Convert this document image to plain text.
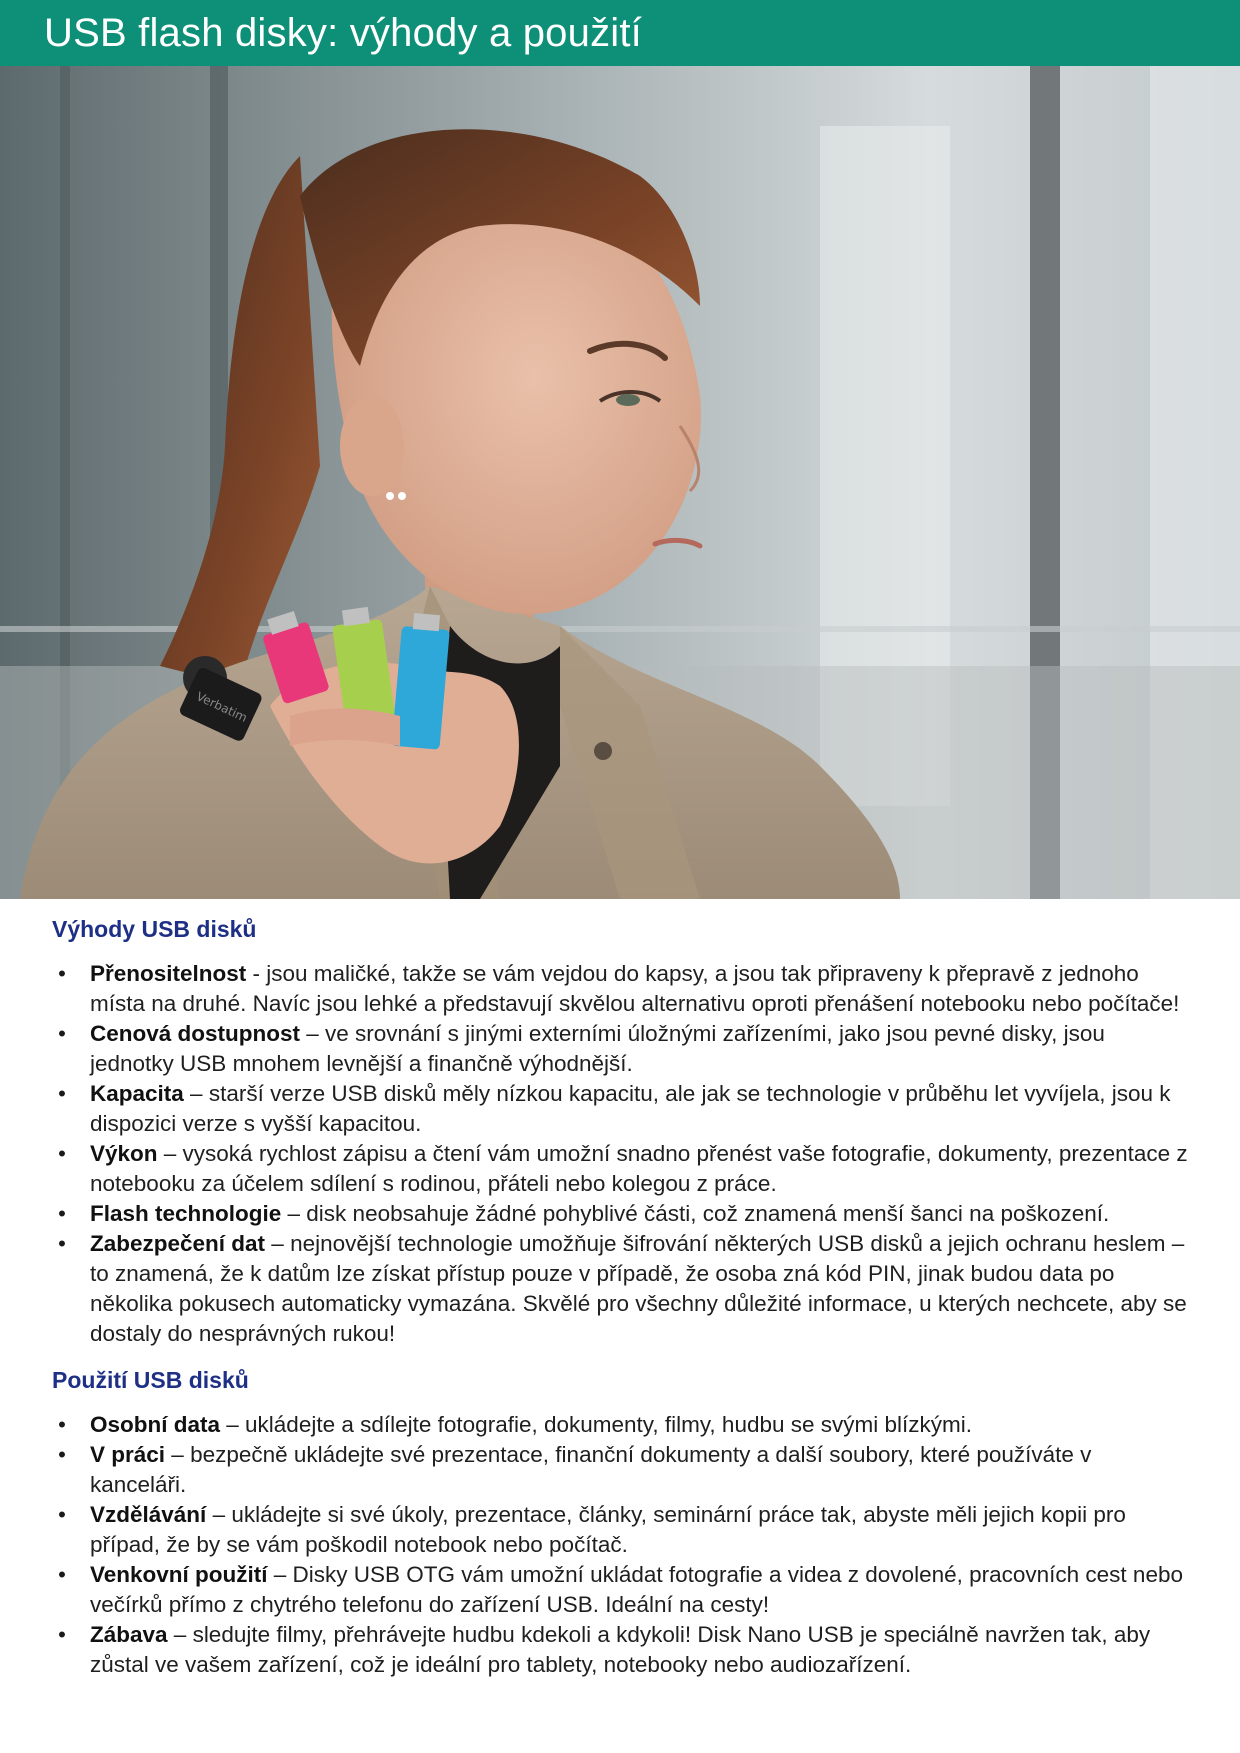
USB flash disky: výhody a použití
Verbatim
Výhody USB disků
• Přenositelnost - jsou maličké, takže se vám vejdou do kapsy, a jsou tak připraveny k přepravě z jednoho místa na druhé. Navíc jsou lehké a představují skvělou alternativu oproti přenášení notebooku nebo počítače!
• Cenová dostupnost – ve srovnání s jinými externími úložnými zařízeními, jako jsou pevné disky, jsou jednotky USB mnohem levnější a finančně výhodnější.
• Kapacita – starší verze USB disků měly nízkou kapacitu, ale jak se technologie v průběhu let vyvíjela, jsou k dispozici verze s vyšší kapacitou.
• Výkon – vysoká rychlost zápisu a čtení vám umožní snadno přenést vaše fotografie, dokumenty, prezentace z notebooku za účelem sdílení s rodinou, přáteli nebo kolegou z práce.
• Flash technologie – disk neobsahuje žádné pohyblivé části, což znamená menší šanci na poškození.
• Zabezpečení dat – nejnovější technologie umožňuje šifrování některých USB disků a jejich ochranu heslem – to znamená, že k datům lze získat přístup pouze v případě, že osoba zná kód PIN, jinak budou data po několika pokusech automaticky vymazána. Skvělé pro všechny důležité informace, u kterých nechcete, aby se dostaly do nesprávných rukou!
Použití USB disků
• Osobní data – ukládejte a sdílejte fotografie, dokumenty, filmy, hudbu se svými blízkými.
• V práci – bezpečně ukládejte své prezentace, finanční dokumenty a další soubory, které používáte v kanceláři.
• Vzdělávání – ukládejte si své úkoly, prezentace, články, seminární práce tak, abyste měli jejich kopii pro případ, že by se vám poškodil notebook nebo počítač.
• Venkovní použití – Disky USB OTG vám umožní ukládat fotografie a videa z dovolené, pracovních cest nebo večírků přímo z chytrého telefonu do zařízení USB. Ideální na cesty!
• Zábava – sledujte filmy, přehrávejte hudbu kdekoli a kdykoli! Disk Nano USB je speciálně navržen tak, aby zůstal ve vašem zařízení, což je ideální pro tablety, notebooky nebo audiozařízení.
